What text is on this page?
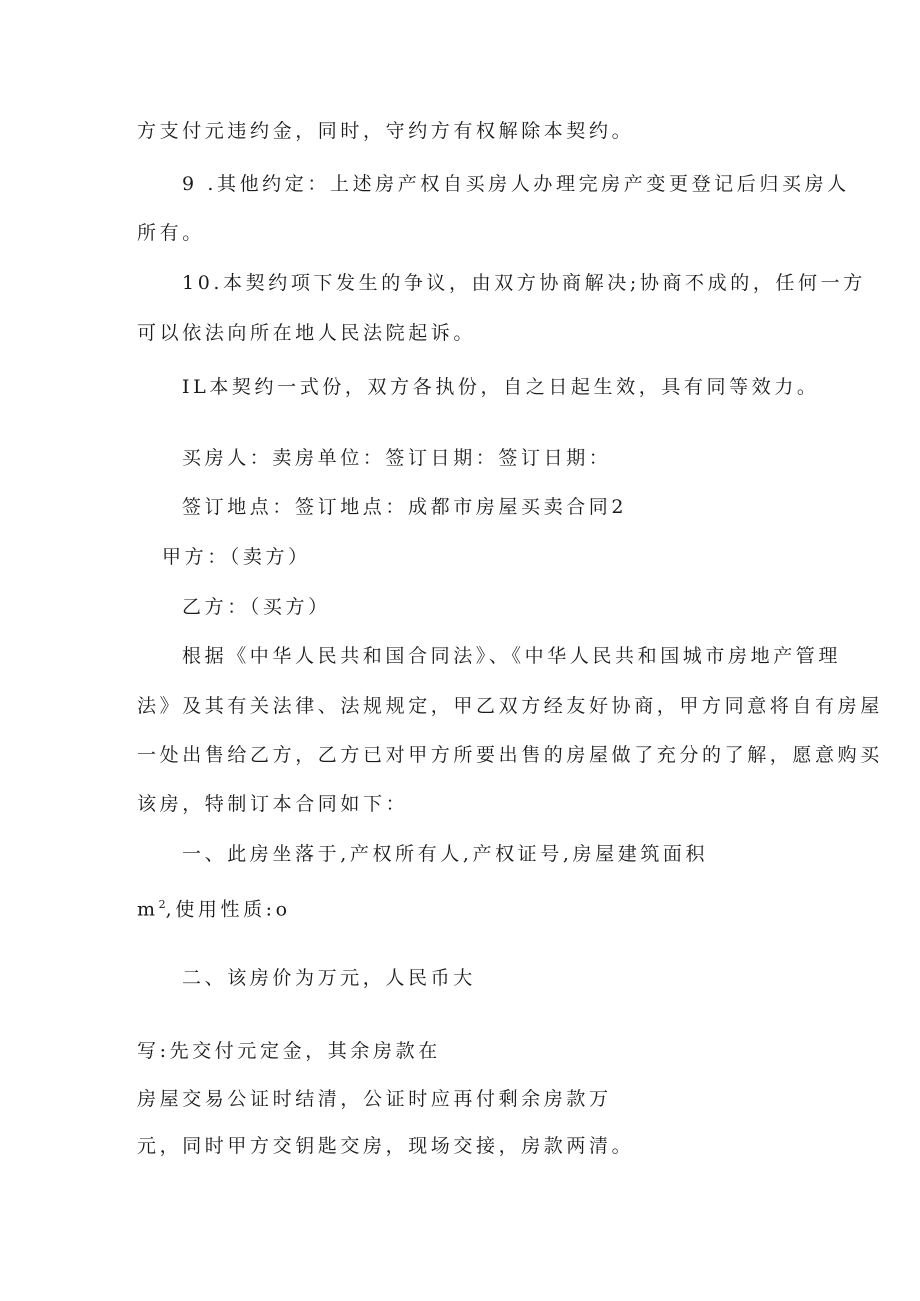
方支付元违约金，同时，守约方有权解除本契约。
9 .其他约定：上述房产权自买房人办理完房产变更登记后归买房人
所有。
10.本契约项下发生的争议，由双方协商解决;协商不成的，任何一方
可以依法向所在地人民法院起诉。
IL本契约一式份，双方各执份，自之日起生效，具有同等效力。
买房人：卖房单位：签订日期：签订日期：
签订地点：签订地点：成都市房屋买卖合同2
甲方：（卖方）
乙方：（买方）
根据《中华人民共和国合同法》、《中华人民共和国城市房地产管理
法》及其有关法律、法规规定，甲乙双方经友好协商，甲方同意将自有房屋
一处出售给乙方，乙方已对甲方所要出售的房屋做了充分的了解，愿意购买
该房，特制订本合同如下：
一、此房坐落于,产权所有人,产权证号,房屋建筑面积
$m^2$,使用性质:o
二、该房价为万元，人民币大
写:先交付元定金，其余房款在
房屋交易公证时结清，公证时应再付剩余房款万
元，同时甲方交钥匙交房，现场交接，房款两清。
